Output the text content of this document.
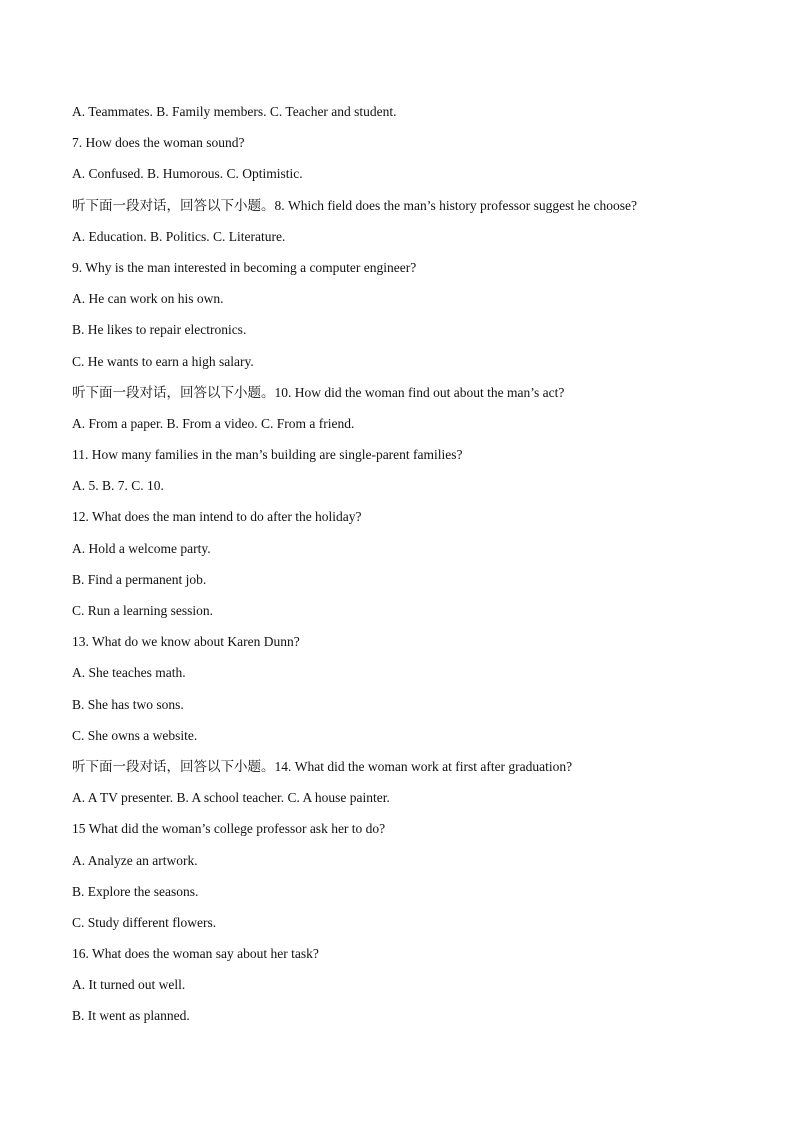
A. Teammates. B. Family members. C. Teacher and student.
7. How does the woman sound?
A. Confused. B. Humorous. C. Optimistic.
听下面一段对话，回答以下小题。8. Which field does the man’s history professor suggest he choose?
A. Education. B. Politics. C. Literature.
9. Why is the man interested in becoming a computer engineer?
A. He can work on his own.
B. He likes to repair electronics.
C. He wants to earn a high salary.
听下面一段对话，回答以下小题。10. How did the woman find out about the man’s act?
A. From a paper. B. From a video. C. From a friend.
11. How many families in the man’s building are single-parent families?
A. 5. B. 7. C. 10.
12. What does the man intend to do after the holiday?
A. Hold a welcome party.
B. Find a permanent job.
C. Run a learning session.
13. What do we know about Karen Dunn?
A. She teaches math.
B. She has two sons.
C. She owns a website.
听下面一段对话，回答以下小题。14. What did the woman work at first after graduation?
A. A TV presenter. B. A school teacher. C. A house painter.
15 What did the woman’s college professor ask her to do?
A. Analyze an artwork.
B. Explore the seasons.
C. Study different flowers.
16. What does the woman say about her task?
A. It turned out well.
B. It went as planned.
